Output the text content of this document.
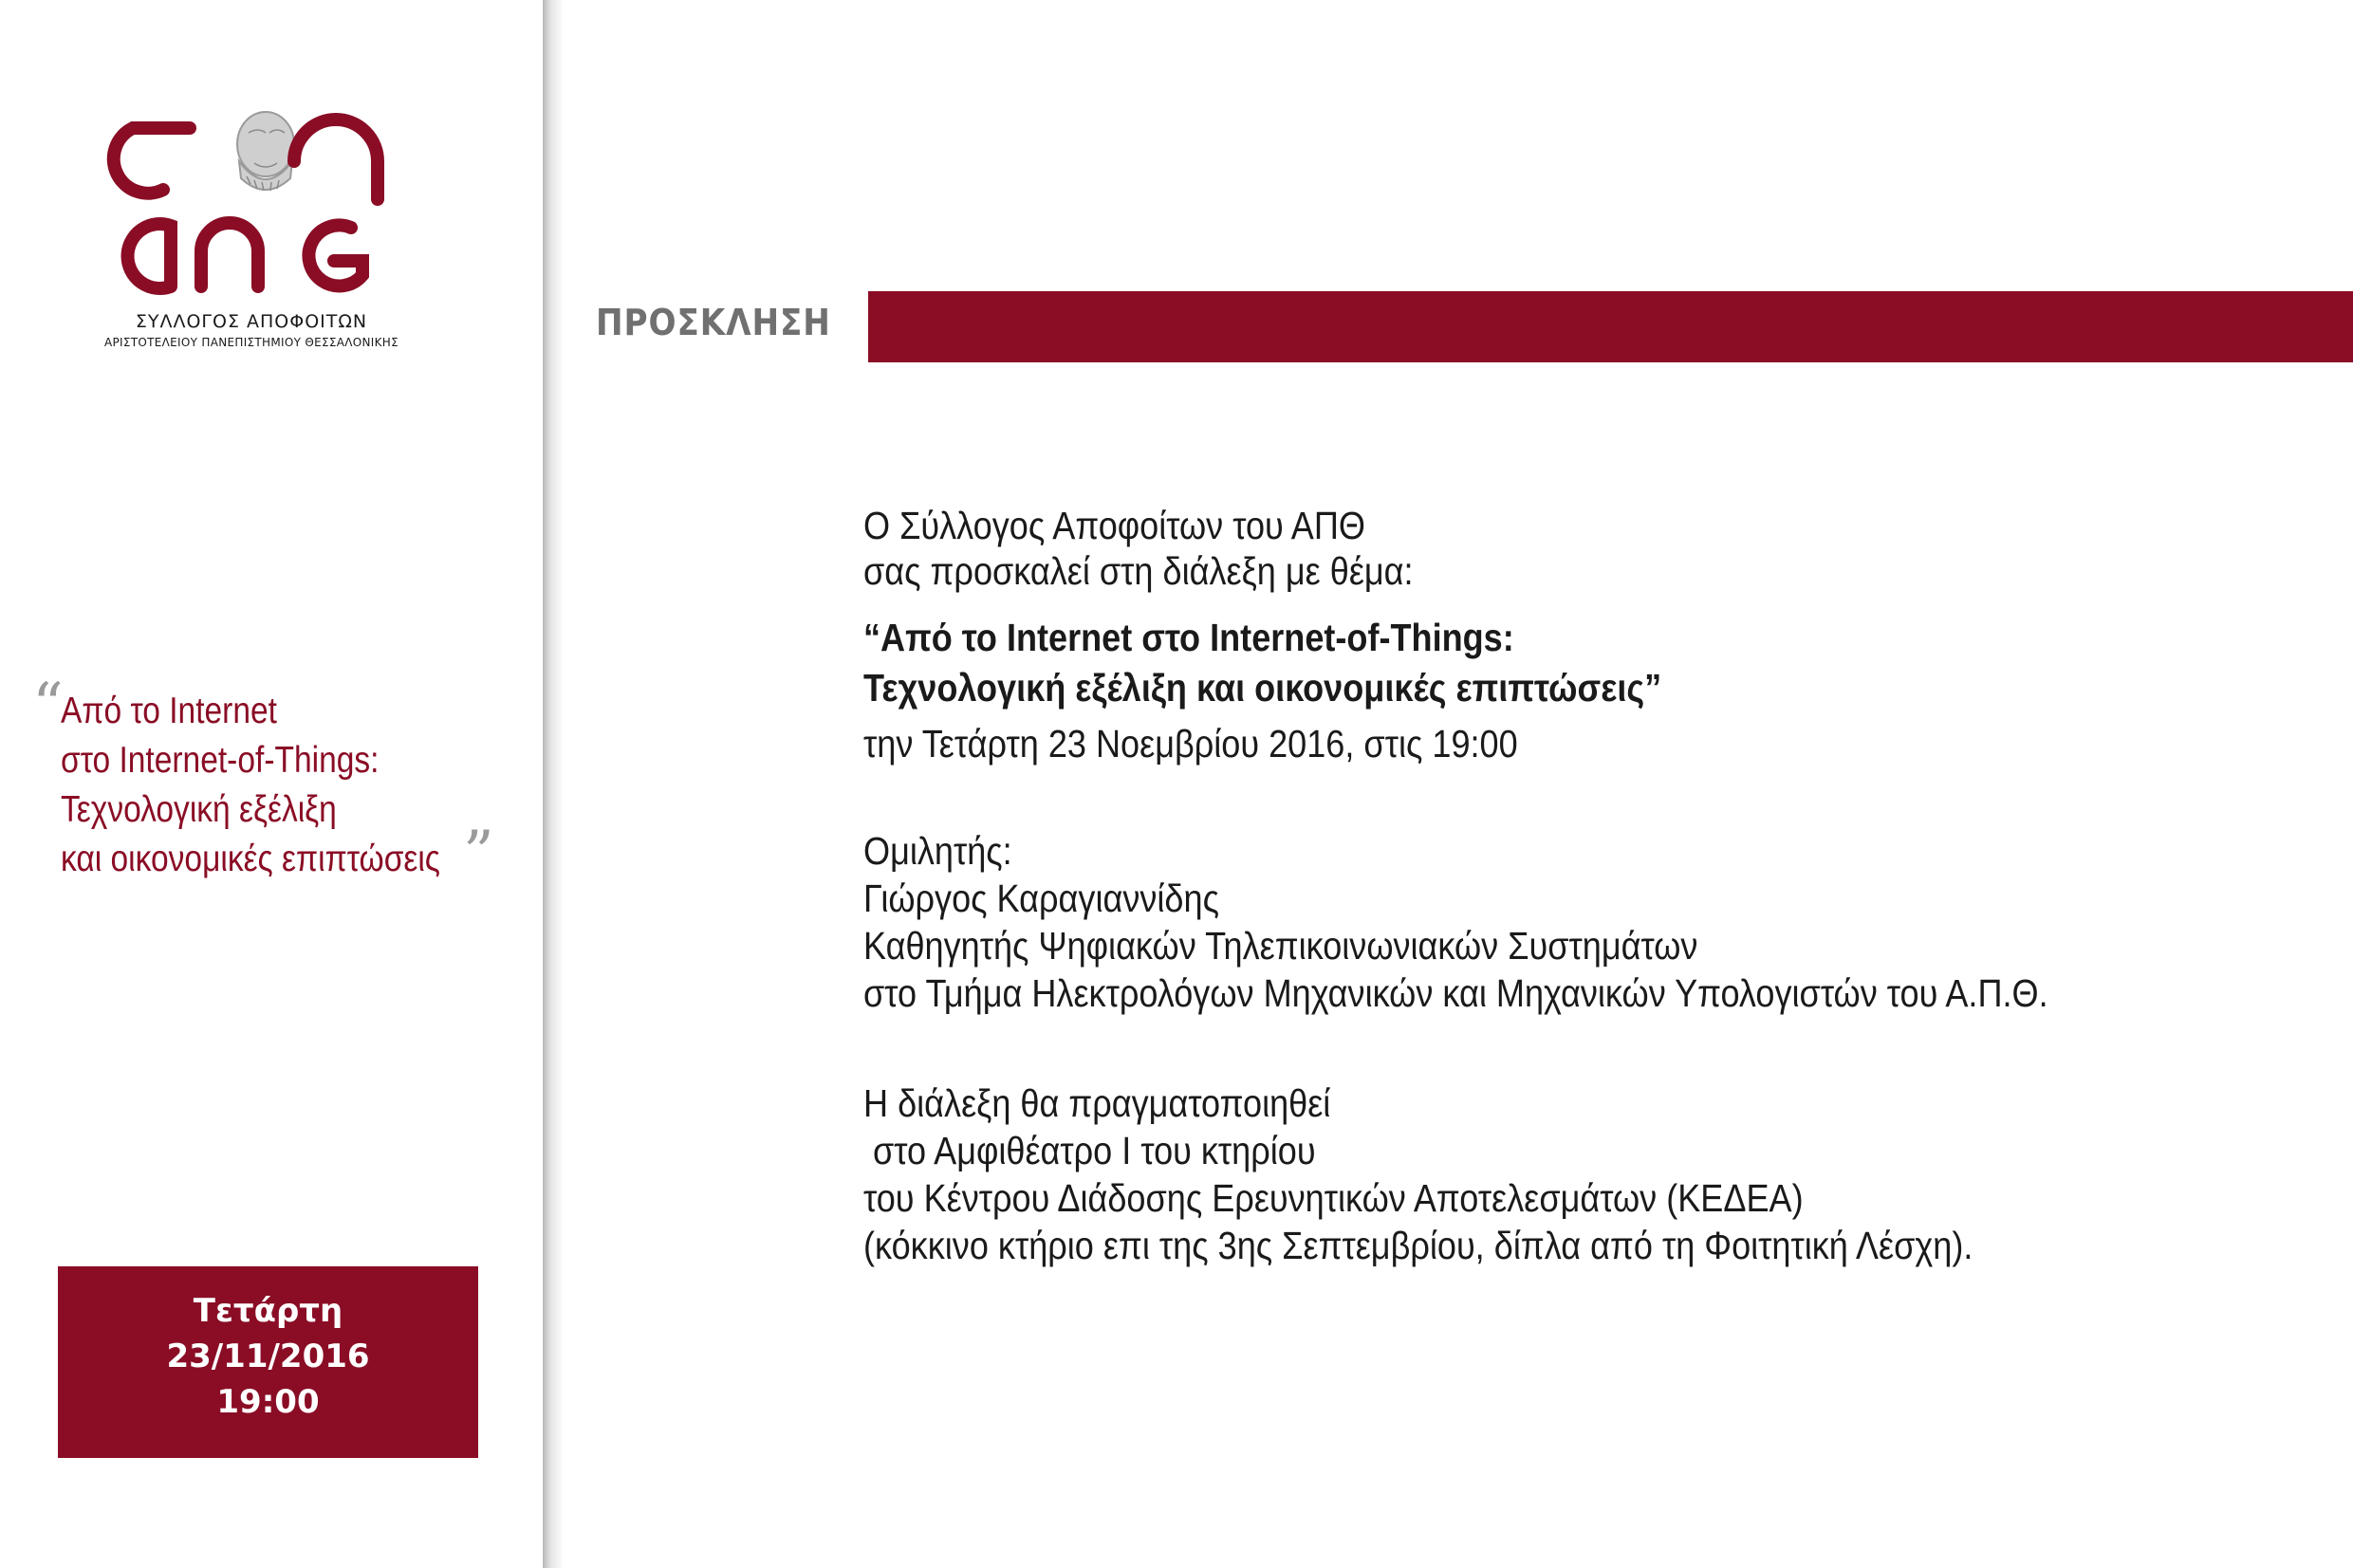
ΣΥΛΛΟΓΟΣ ΑΠΟΦΟΙΤΩΝ
ΑΡΙΣΤΟΤΕΛΕΙΟΥ ΠΑΝΕΠΙΣΤΗΜΙΟΥ ΘΕΣΣΑΛΟΝΙΚΗΣ
“
Από το Internet
στο Internet-of-Things:
Τεχνολογική εξέλιξη
και οικονομικές επιπτώσεις ”
Τετάρτη
23/11/2016
19:00
ΠΡΟΣΚΛΗΣΗ
Ο Σύλλογος Αποφοίτων του ΑΠΘ
σας προσκαλεί στη διάλεξη με θέμα:
“Από το Internet στο Internet-of-Things:
Τεχνολογική εξέλιξη και οικονομικές επιπτώσεις”
την Τετάρτη 23 Νοεμβρίου 2016, στις 19:00
Ομιλητής:
Γιώργος Καραγιαννίδης
Καθηγητής Ψηφιακών Τηλεπικοινωνιακών Συστημάτων
στο Τμήμα Ηλεκτρολόγων Μηχανικών και Μηχανικών Υπολογιστών του Α.Π.Θ.
Η διάλεξη θα πραγματοποιηθεί
στο Αμφιθέατρο Ι του κτηρίου
του Κέντρου Διάδοσης Ερευνητικών Αποτελεσμάτων (ΚΕΔΕΑ)
(κόκκινο κτήριο επι της 3ης Σεπτεμβρίου, δίπλα από τη Φοιτητική Λέσχη).
